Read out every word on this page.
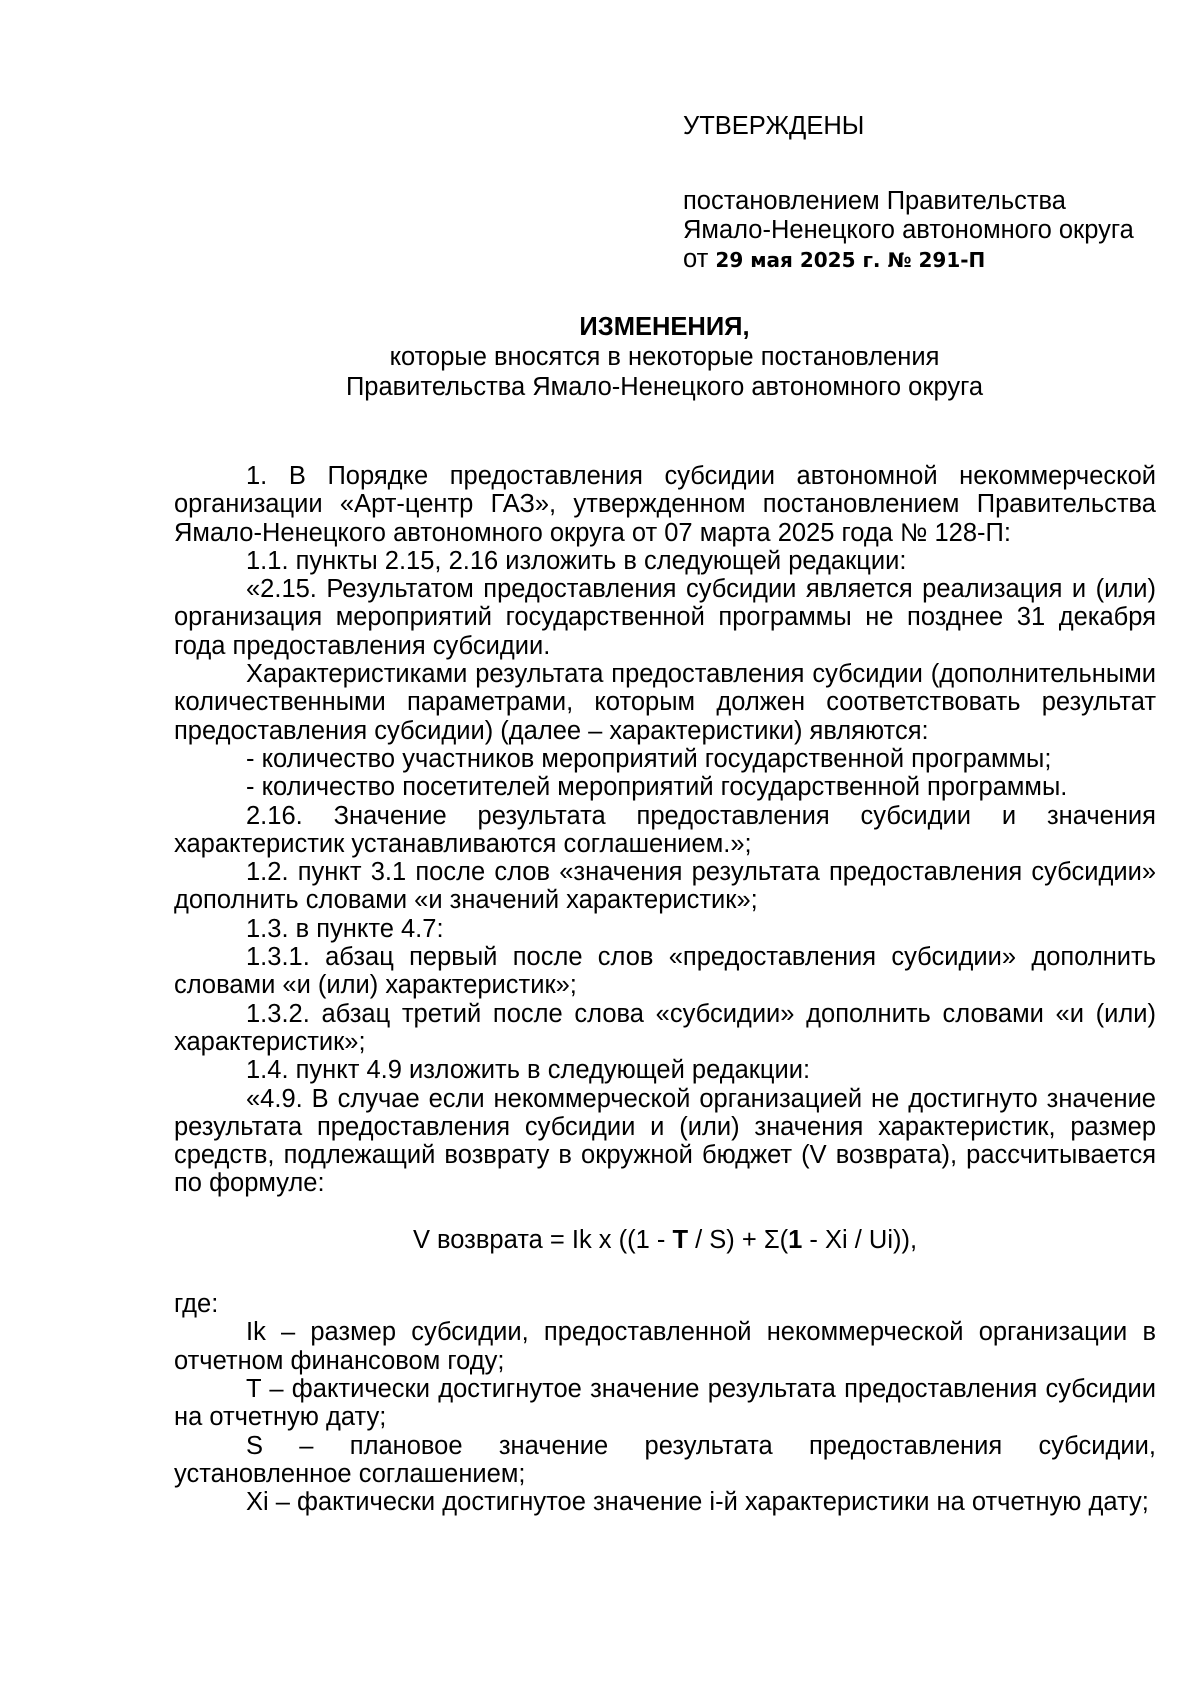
УТВЕРЖДЕНЫ
постановлением Правительства
Ямало-Ненецкого автономного округа
от 29 мая 2025 г. № 291-П
ИЗМЕНЕНИЯ,
которые вносятся в некоторые постановления
Правительства Ямало-Ненецкого автономного округа

1. В Порядке предоставления субсидии автономной некоммерческой организации «Арт-центр ГАЗ», утвержденном постановлением Правительства Ямало-Ненецкого автономного округа от 07 марта 2025 года № 128-П:

1.1. пункты 2.15, 2.16 изложить в следующей редакции:

«2.15. Результатом предоставления субсидии является реализация и (или) организация мероприятий государственной программы не позднее 31 декабря года предоставления субсидии.

Характеристиками результата предоставления субсидии (дополнительными количественными параметрами, которым должен соответствовать результат предоставления субсидии) (далее – характеристики) являются:

- количество участников мероприятий государственной программы;

- количество посетителей мероприятий государственной программы.

2.16. Значение результата предоставления субсидии и значения характеристик устанавливаются соглашением.»;

1.2. пункт 3.1 после слов «значения результата предоставления субсидии» дополнить словами «и значений характеристик»;

1.3. в пункте 4.7:

1.3.1. абзац первый после слов «предоставления субсидии» дополнить словами «и (или) характеристик»;

1.3.2. абзац третий после слова «субсидии» дополнить словами «и (или) характеристик»;

1.4. пункт 4.9 изложить в следующей редакции:

«4.9. В случае если некоммерческой организацией не достигнуто значение результата предоставления субсидии и (или) значения характеристик, размер средств, подлежащий возврату в окружной бюджет (V возврата), рассчитывается по формуле:

V возврата = Ik x ((1 - T / S) + Σ(1 - Xi / Ui)),

где:

Ik – размер субсидии, предоставленной некоммерческой организации в отчетном финансовом году;

T – фактически достигнутое значение результата предоставления субсидии на отчетную дату;

S – плановое значение результата предоставления субсидии, установленное соглашением;

Xi – фактически достигнутое значение i-й характеристики на отчетную дату;
